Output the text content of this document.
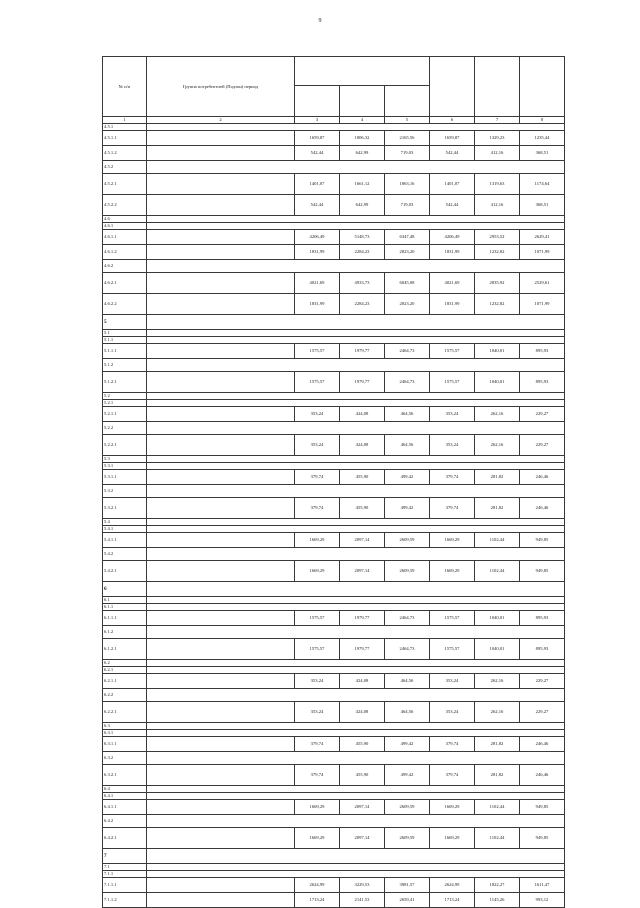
9
№ п/п	Группа потребителей (Подзон) период						

1	2	3	4	5	6	7	8
4.5.1							
4.5.1.1		1659,87	1806,32	2165,56	1659,87	1329,23	1235,44
4.5.1.2		542,44	642,99	719,03	542,44	412,16	368,51
4.5.2							
4.5.2.1		1401,07	1661,12	1863,16	1401,07	1319,63	1174,64
4.5.2.2		542,44	642,99	719,03	542,44	412,16	368,51
4.6							
4.6.1							
4.6.1.1		4206,49	5148,73	6347,48	4206,49	2953,52	2629,41
4.6.1.2		1831,99	2284,23	2823,20	1831,99	1232,82	1071,99
4.6.2							
4.6.2.1		4021,69	4933,73	6045,08	4021,69	2835,92	2529,61
4.6.2.2		1831,99	2284,23	2823,20	1831,99	1232,82	1071,99
5							
5.1							
5.1.1							
5.1.1.1		1575,57	1979,77	2464,73	1575,57	1040,01	895,93
5.1.2							
5.1.2.1		1575,57	1979,77	2464,73	1575,57	1040,01	895,93
5.2							
5.2.1							
5.2.1.1		353,24	424,08	464,56	353,24	262,16	229,27
5.2.2							
5.2.2.1		353,24	424,08	464,56	353,24	262,16	229,27
5.3							
5.3.1							
5.3.1.1		379,74	455,90	499,42	379,74	281,82	246,46
5.3.2							
5.3.2.1		379,74	455,90	499,42	379,74	281,82	246,46
5.4							
5.4.1							
5.4.1.1		1669,29	2097,14	2609,59	1669,29	1102,44	949,85
5.4.2							
5.4.2.1		1669,29	2097,14	2609,59	1669,29	1102,44	949,85
6							
6.1							
6.1.1							
6.1.1.1		1575,57	1979,77	2464,73	1575,57	1040,01	895,93
6.1.2							
6.1.2.1		1575,57	1979,77	2464,73	1575,57	1040,01	895,93
6.2							
6.2.1							
6.2.1.1		353,24	424,08	464,56	353,24	262,16	229,27
6.2.2							
6.2.2.1		353,24	424,08	464,56	353,24	262,16	229,27
6.3							
6.3.1							
6.3.1.1		379,74	455,90	499,42	379,74	281,82	246,46
6.3.2							
6.3.2.1		379,74	455,90	499,42	379,74	281,82	246,46
6.4							
6.4.1							
6.4.1.1		1669,29	2097,14	2609,59	1669,29	1102,44	949,85
6.4.2							
6.4.2.1		1669,29	2097,14	2609,59	1669,29	1102,44	949,85
7							
7.1							
7.1.1							
7.1.1.1		2624,99	3229,53	3981,57	2624,99	1822,27	1611,47
7.1.1.2		1713,24	2141,53	2659,41	1713,24	1145,26	993,12
